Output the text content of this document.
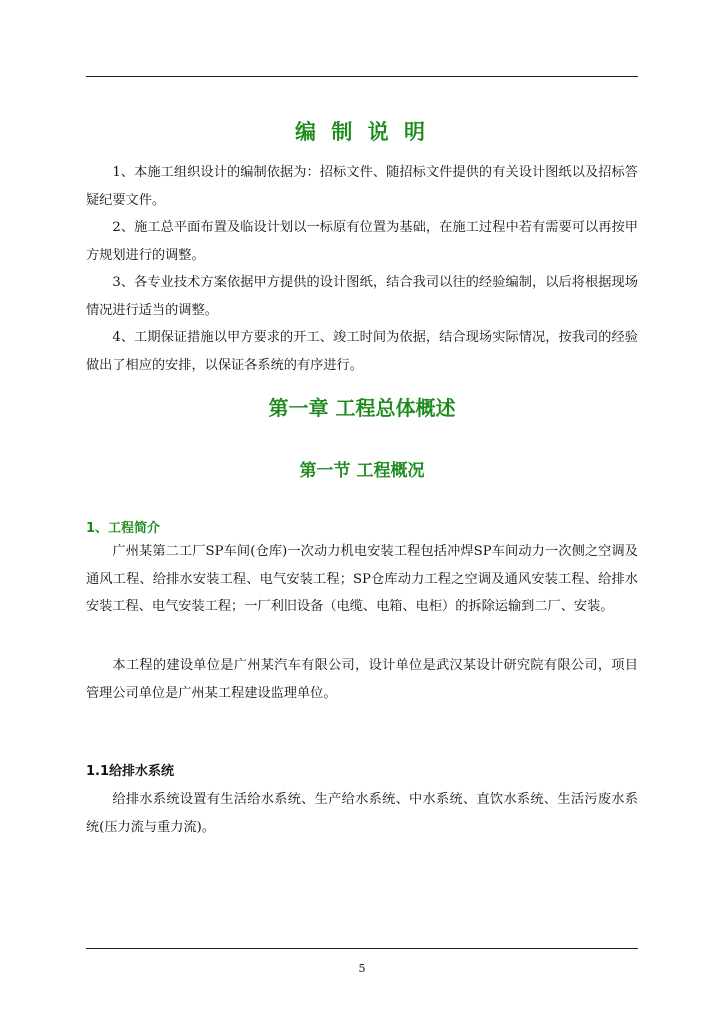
编 制 说 明

1、本施工组织设计的编制依据为：招标文件、随招标文件提供的有关设计图纸以及招标答疑纪要文件。

2、施工总平面布置及临设计划以一标原有位置为基础，在施工过程中若有需要可以再按甲方规划进行的调整。

3、各专业技术方案依据甲方提供的设计图纸，结合我司以往的经验编制，以后将根据现场情况进行适当的调整。

4、工期保证措施以甲方要求的开工、竣工时间为依据，结合现场实际情况，按我司的经验做出了相应的安排，以保证各系统的有序进行。

第一章 工程总体概述
第一节 工程概况
1、工程简介

广州某第二工厂SP车间(仓库)一次动力机电安装工程包括冲焊SP车间动力一次侧之空调及通风工程、给排水安装工程、电气安装工程；SP仓库动力工程之空调及通风安装工程、给排水安装工程、电气安装工程；一厂利旧设备（电缆、电箱、电柜）的拆除运输到二厂、安装。

本工程的建设单位是广州某汽车有限公司，设计单位是武汉某设计研究院有限公司，项目管理公司单位是广州某工程建设监理单位。

1.1给排水系统

给排水系统设置有生活给水系统、生产给水系统、中水系统、直饮水系统、生活污废水系统(压力流与重力流)。

5
